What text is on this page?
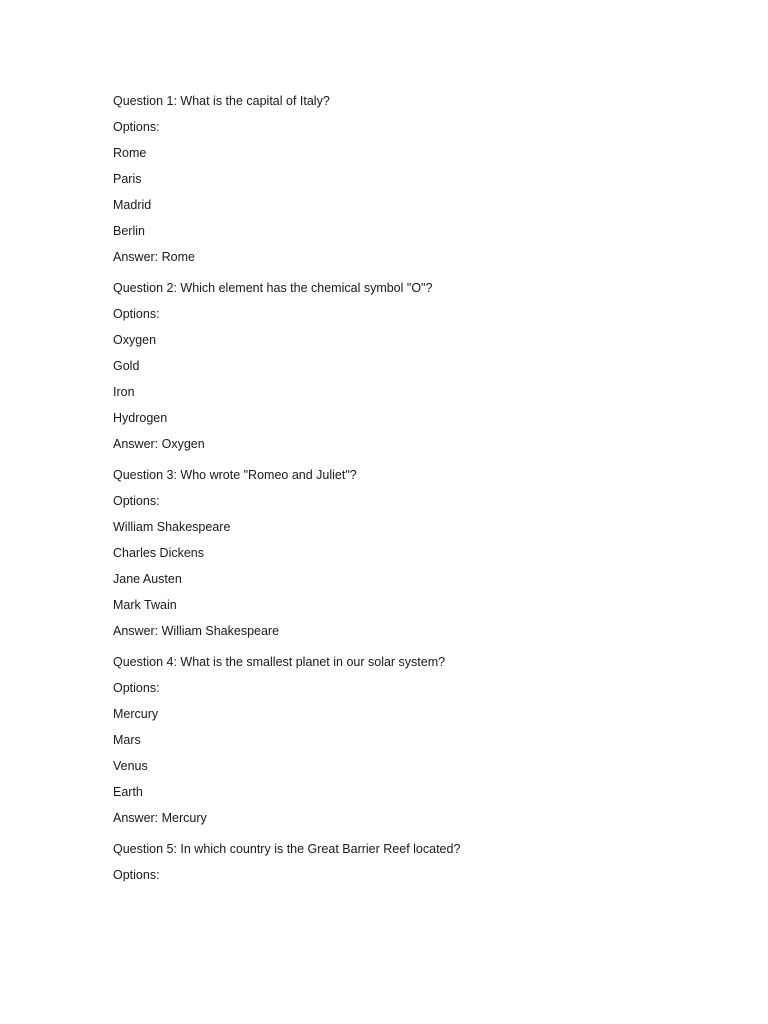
Question 1: What is the capital of Italy?

Options:

Rome

Paris

Madrid

Berlin

Answer: Rome

Question 2: Which element has the chemical symbol "O"?

Options:

Oxygen

Gold

Iron

Hydrogen

Answer: Oxygen

Question 3: Who wrote "Romeo and Juliet"?

Options:

William Shakespeare

Charles Dickens

Jane Austen

Mark Twain

Answer: William Shakespeare

Question 4: What is the smallest planet in our solar system?

Options:

Mercury

Mars

Venus

Earth

Answer: Mercury

Question 5: In which country is the Great Barrier Reef located?

Options:
